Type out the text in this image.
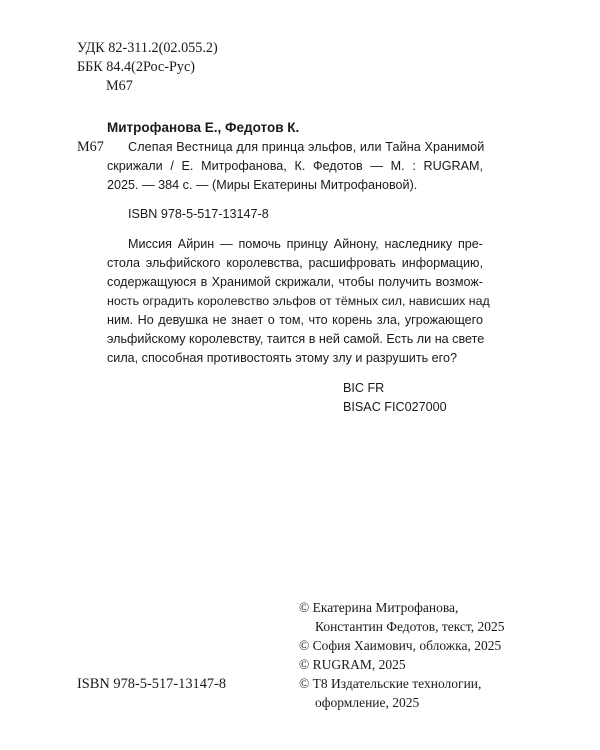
УДК 82-311.2(02.055.2)
ББК 84.4(2Рос-Рус)
М67
Митрофанова Е., Федотов К.
М67 Слепая Вестница для принца эльфов, или Тайна Хранимой
скрижали / Е. Митрофанова, К. Федотов — М. : RUGRAM,
2025. — 384 с. — (Миры Екатерины Митрофановой).
ISBN 978-5-517-13147-8
Миссия Айрин — помочь принцу Айнону, наследнику пре-
стола эльфийского королевства, расшифровать информацию,
содержащуюся в Хранимой скрижали, чтобы получить возмож-
ность оградить королевство эльфов от тёмных сил, нависших над
ним. Но девушка не знает о том, что корень зла, угрожающего
эльфийскому королевству, таится в ней самой. Есть ли на свете
сила, способная противостоять этому злу и разрушить его?
BIC FR
BISAC FIC027000
© Екатерина Митрофанова,
Константин Федотов, текст, 2025
© София Хаимович, обложка, 2025
© RUGRAM, 2025
© Т8 Издательские технологии,
оформление, 2025
ISBN 978-5-517-13147-8
